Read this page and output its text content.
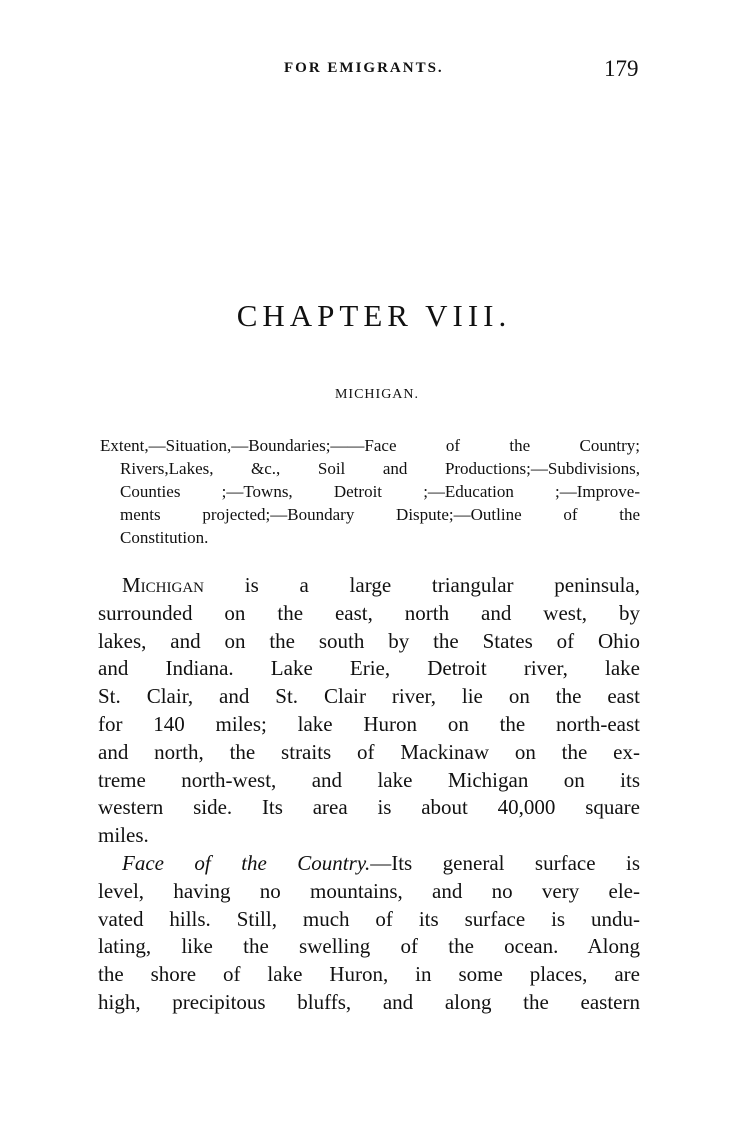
FOR EMIGRANTS.	179
CHAPTER VIII.
MICHIGAN.
Extent,—Situation,—Boundaries;——Face of the Country;
Rivers,Lakes, &c., Soil and Productions;—Subdivisions,
Counties ;—Towns, Detroit ;—Education ;—Improve-
ments projected;—Boundary Dispute;—Outline of the
Constitution.
Michigan is a large triangular peninsula,
surrounded on the east, north and west, by
lakes, and on the south by the States of Ohio
and Indiana. Lake Erie, Detroit river, lake
St. Clair, and St. Clair river, lie on the east
for 140 miles; lake Huron on the north-east
and north, the straits of Mackinaw on the ex-
treme north-west, and lake Michigan on its
western side. Its area is about 40,000 square
miles.
Face of the Country.—Its general surface is
level, having no mountains, and no very ele-
vated hills. Still, much of its surface is undu-
lating, like the swelling of the ocean. Along
the shore of lake Huron, in some places, are
high, precipitous bluffs, and along the eastern
